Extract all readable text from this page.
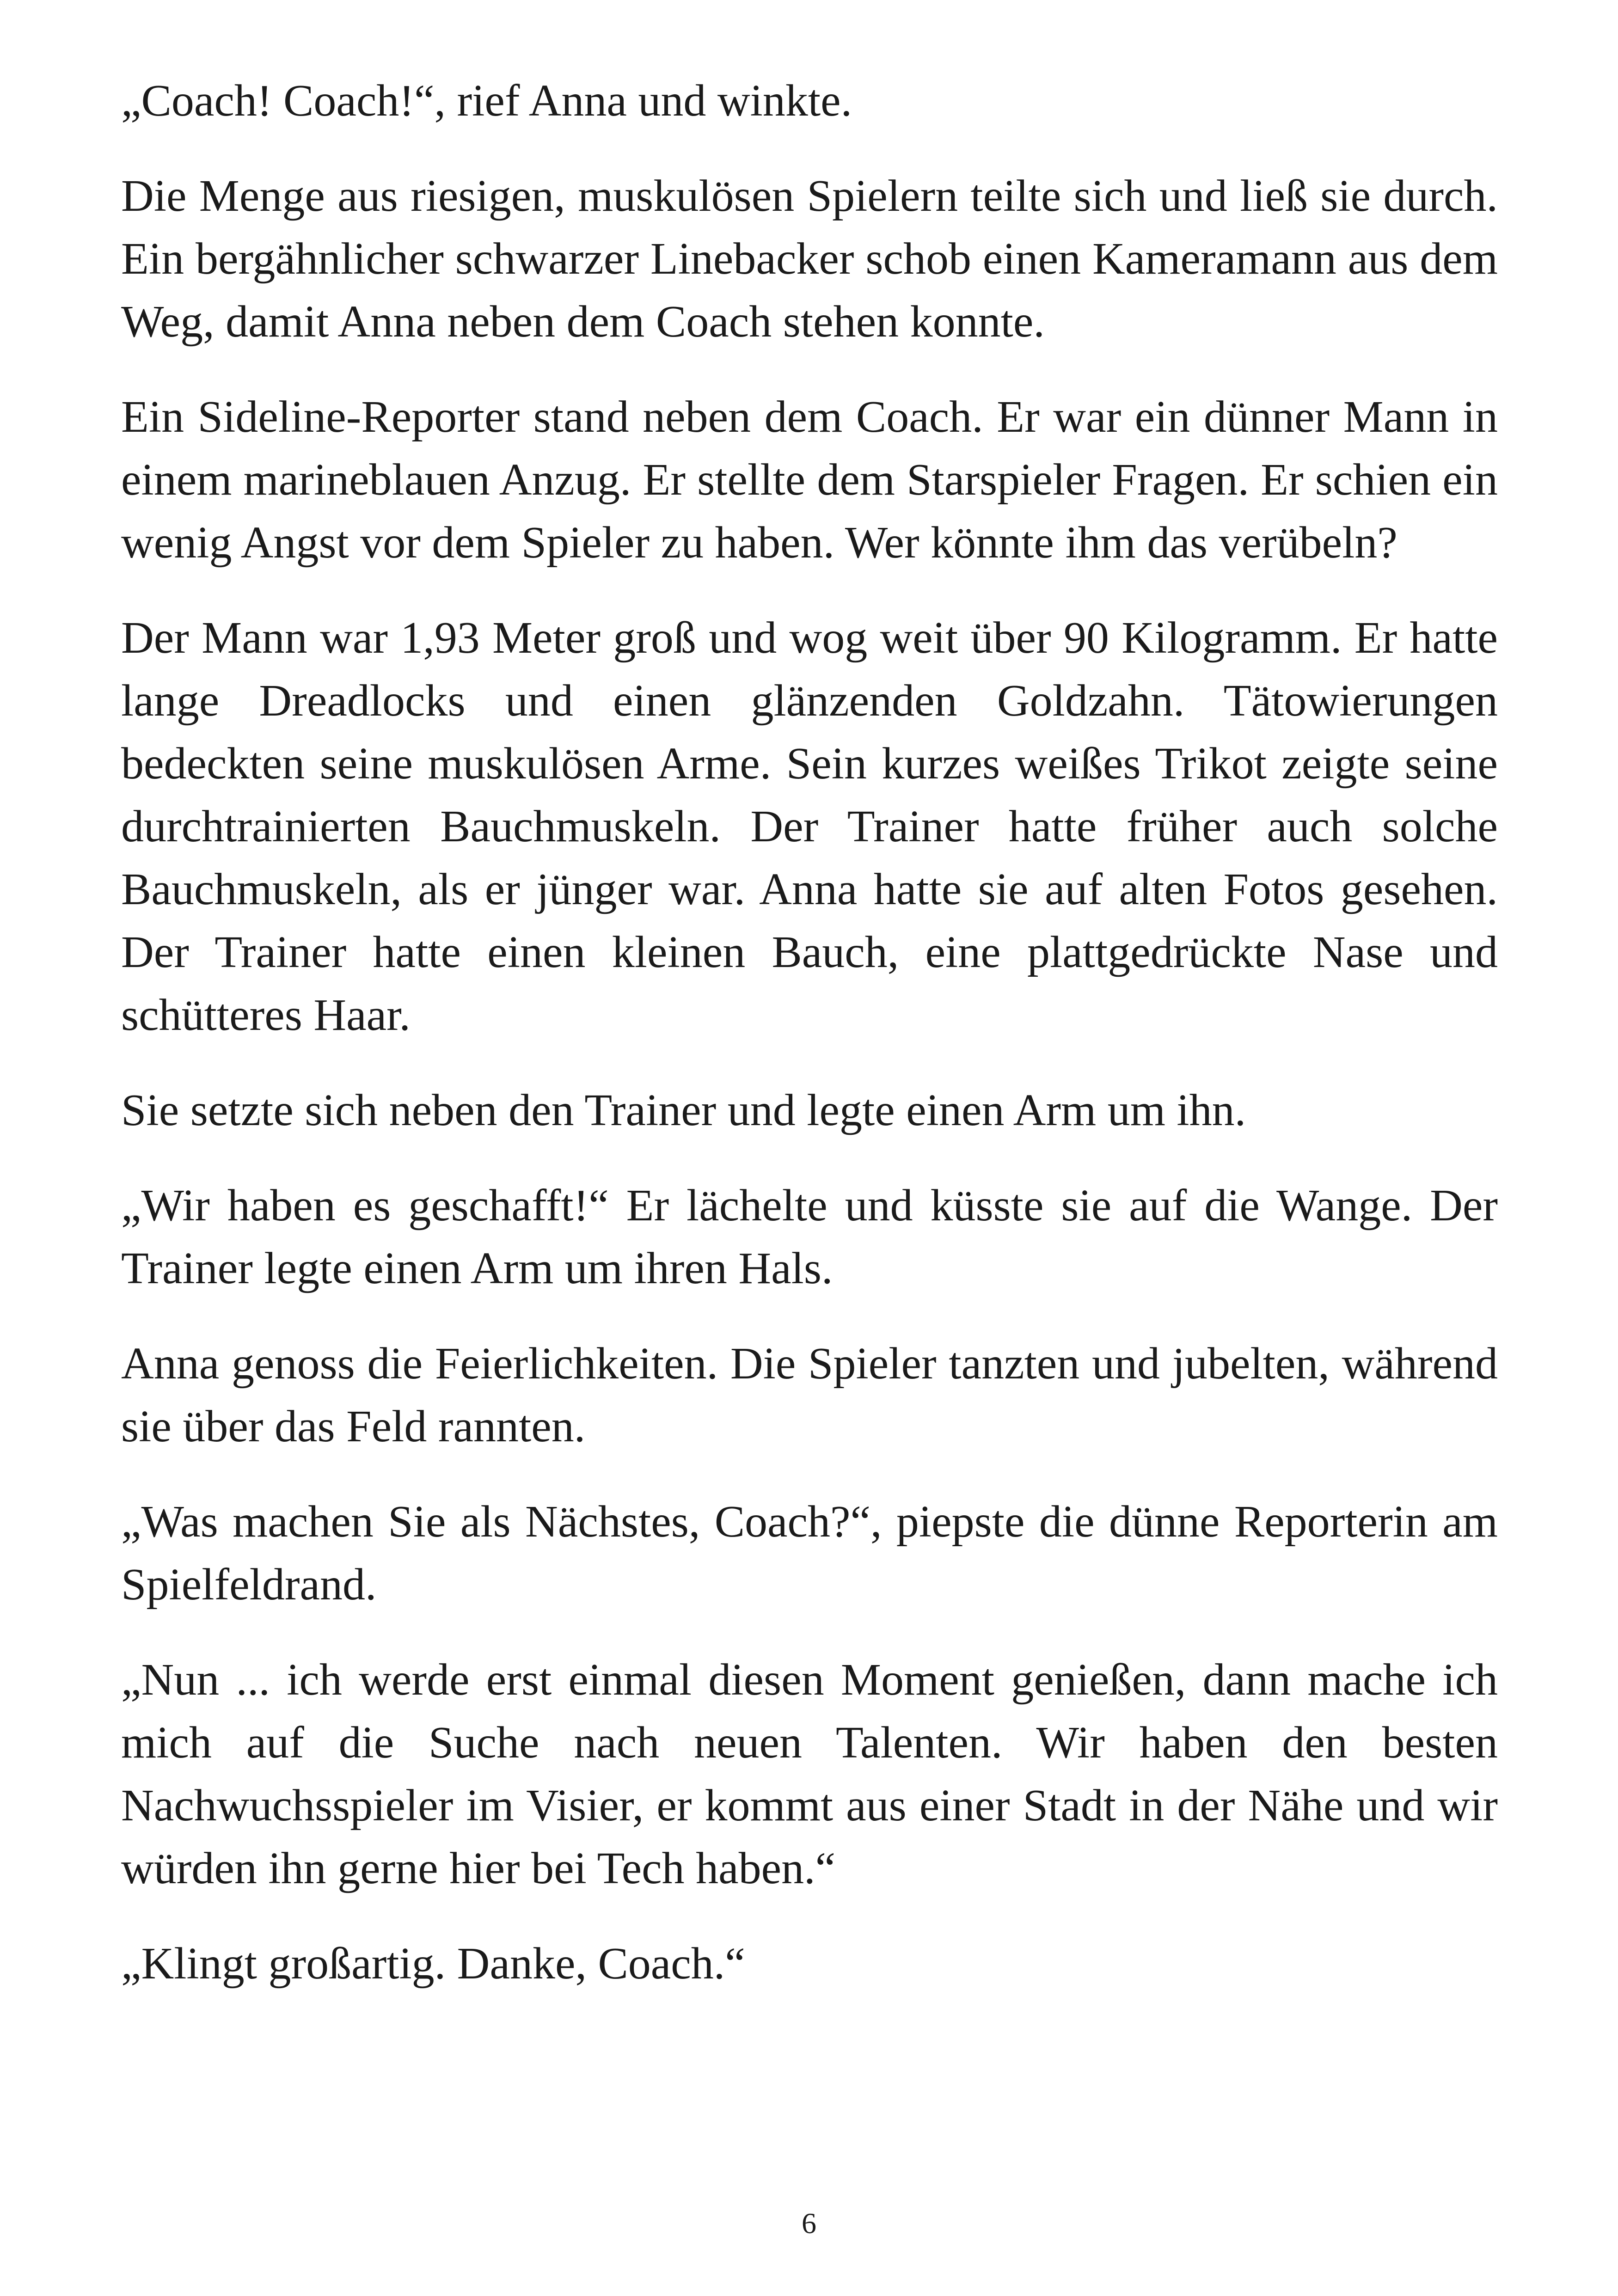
„Coach! Coach!“, rief Anna und winkte.

Die Menge aus riesigen, muskulösen Spielern teilte sich und ließ sie durch. Ein bergähnlicher schwarzer Linebacker schob einen Kameramann aus dem Weg, damit Anna neben dem Coach stehen konnte.

Ein Sideline-Reporter stand neben dem Coach. Er war ein dünner Mann in einem marineblauen Anzug. Er stellte dem Starspieler Fragen. Er schien ein wenig Angst vor dem Spieler zu haben. Wer könnte ihm das verübeln?

Der Mann war 1,93 Meter groß und wog weit über 90 Kilogramm. Er hatte lange Dreadlocks und einen glänzenden Goldzahn. Tätowierungen bedeckten seine muskulösen Arme. Sein kurzes weißes Trikot zeigte seine durchtrainierten Bauchmuskeln. Der Trainer hatte früher auch solche Bauchmuskeln, als er jünger war. Anna hatte sie auf alten Fotos gesehen. Der Trainer hatte einen kleinen Bauch, eine plattgedrückte Nase und schütteres Haar.

Sie setzte sich neben den Trainer und legte einen Arm um ihn.

„Wir haben es geschafft!“ Er lächelte und küsste sie auf die Wange. Der Trainer legte einen Arm um ihren Hals.

Anna genoss die Feierlichkeiten. Die Spieler tanzten und jubelten, während sie über das Feld rannten.

„Was machen Sie als Nächstes, Coach?“, piepste die dünne Reporterin am Spielfeldrand.

„Nun ... ich werde erst einmal diesen Moment genießen, dann mache ich mich auf die Suche nach neuen Talenten. Wir haben den besten Nachwuchsspieler im Visier, er kommt aus einer Stadt in der Nähe und wir würden ihn gerne hier bei Tech haben.“

„Klingt großartig. Danke, Coach.“

6
